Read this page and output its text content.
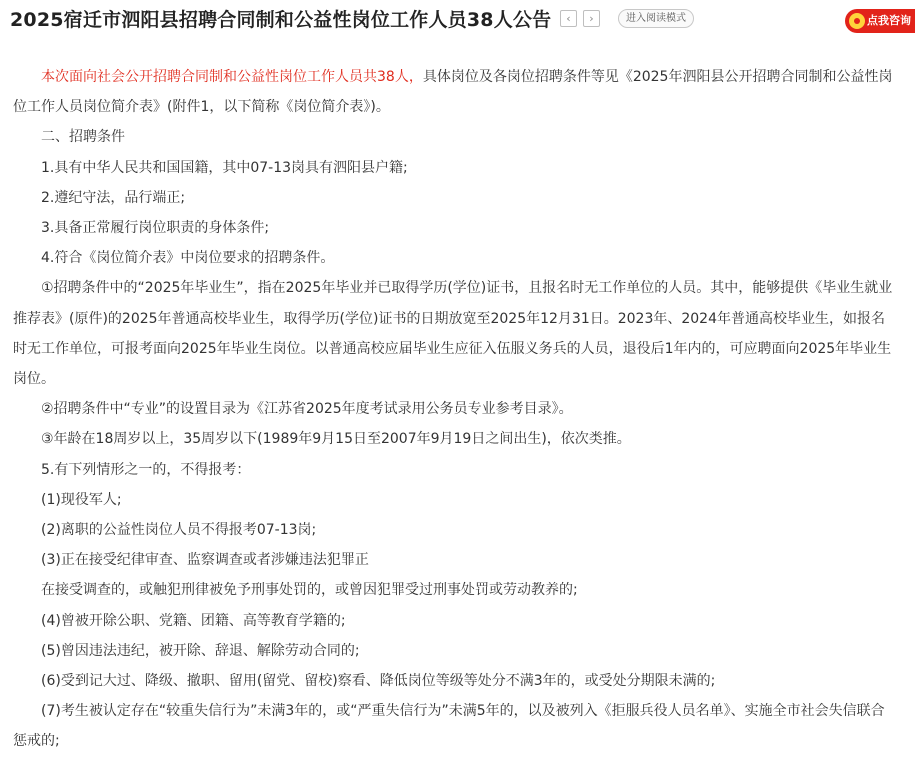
2025宿迁市泗阳县招聘合同制和公益性岗位工作人员38人公告	‹	›	进入阅读模式	点我咨询

本次面向社会公开招聘合同制和公益性岗位工作人员共38人，具体岗位及各岗位招聘条件等见《2025年泗阳县公开招聘合同制和公益性岗位工作人员岗位简介表》(附件1，以下简称《岗位简介表》)。

二、招聘条件

1.具有中华人民共和国国籍，其中07-13岗具有泗阳县户籍;

2.遵纪守法，品行端正;

3.具备正常履行岗位职责的身体条件;

4.符合《岗位简介表》中岗位要求的招聘条件。

①招聘条件中的“2025年毕业生”，指在2025年毕业并已取得学历(学位)证书，且报名时无工作单位的人员。其中，能够提供《毕业生就业推荐表》(原件)的2025年普通高校毕业生，取得学历(学位)证书的日期放宽至2025年12月31日。2023年、2024年普通高校毕业生，如报名时无工作单位，可报考面向2025年毕业生岗位。以普通高校应届毕业生应征入伍服义务兵的人员，退役后1年内的，可应聘面向2025年毕业生岗位。

②招聘条件中“专业”的设置目录为《江苏省2025年度考试录用公务员专业参考目录》。

③年龄在18周岁以上，35周岁以下(1989年9月15日至2007年9月19日之间出生)，依次类推。

5.有下列情形之一的，不得报考：

(1)现役军人;

(2)离职的公益性岗位人员不得报考07-13岗;

(3)正在接受纪律审查、监察调查或者涉嫌违法犯罪正

在接受调查的，或触犯刑律被免予刑事处罚的，或曾因犯罪受过刑事处罚或劳动教养的;

(4)曾被开除公职、党籍、团籍、高等教育学籍的;

(5)曾因违法违纪，被开除、辞退、解除劳动合同的;

(6)受到记大过、降级、撤职、留用(留党、留校)察看、降低岗位等级等处分不满3年的，或受处分期限未满的;

(7)考生被认定存在“较重失信行为”未满3年的，或“严重失信行为”未满5年的，以及被列入《拒服兵役人员名单》、实施全市社会失信联合惩戒的;
